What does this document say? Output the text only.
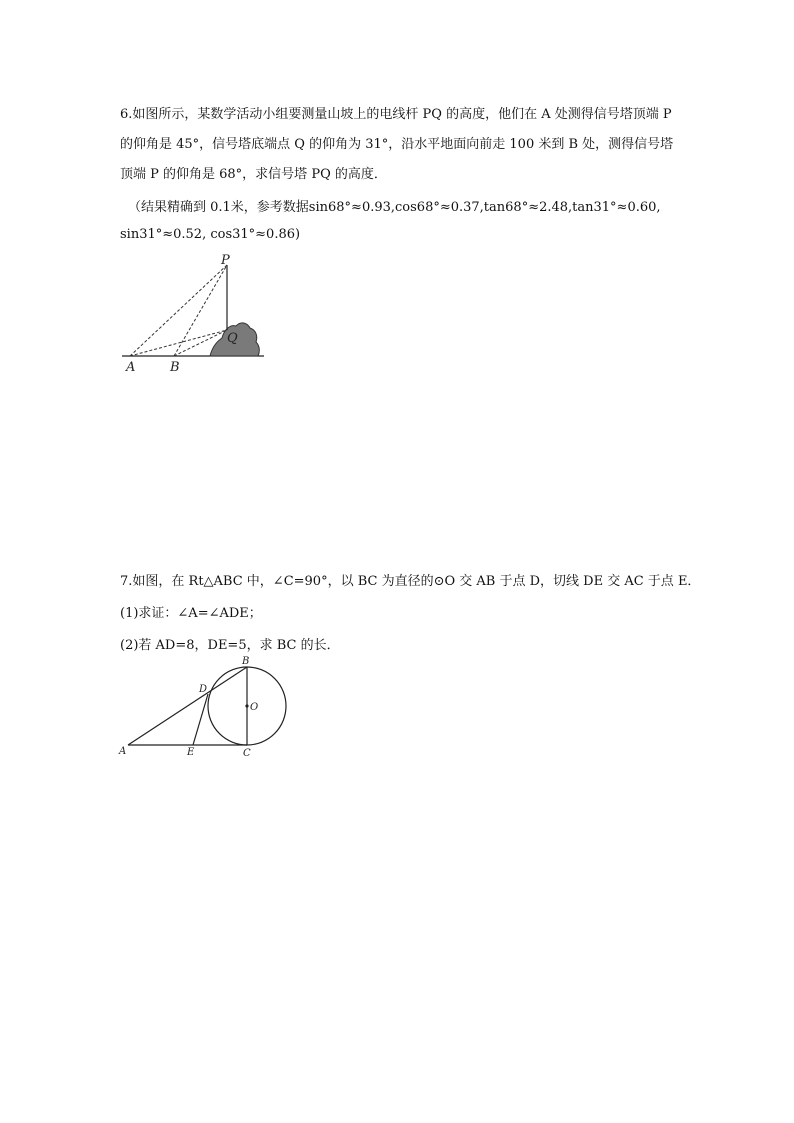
6.如图所示，某数学活动小组要测量山坡上的电线杆 PQ 的高度，他们在 A 处测得信号塔顶端 P
的仰角是 45°，信号塔底端点 Q 的仰角为 31°，沿水平地面向前走 100 米到 B 处，测得信号塔
顶端 P 的仰角是 68°，求信号塔 PQ 的高度．
（结果精确到 0.1米，参考数据sin68°≈0.93,cos68°≈0.37,tan68°≈2.48,tan31°≈0.60,
sin31°≈0.52, cos31°≈0.86)
P
Q
A	B
7.如图，在 Rt△ABC 中，∠C=90°，以 BC 为直径的⊙O 交 AB 于点 D，切线 DE 交 AC 于点 E．
(1)求证：∠A=∠ADE；
(2)若 AD=8，DE=5，求 BC 的长．
B
O
D
A	E	C
